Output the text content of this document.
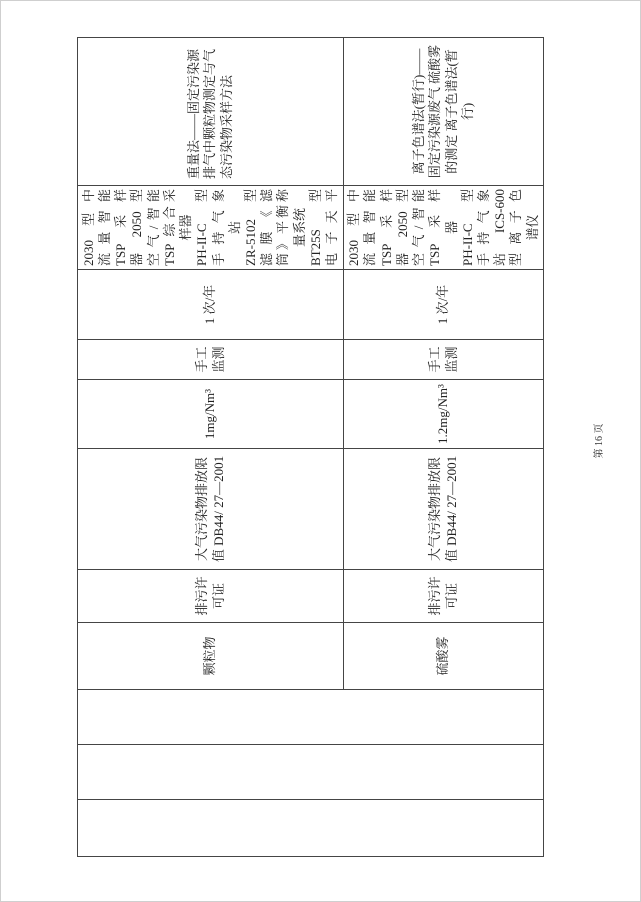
颗粒物
排污许 可证
大气污染物排放限 值 DB44/ 27—2001
1mg/Nm³
手工 监测
1 次/年
2030 型中 流量智能 TSP 采样 器 2050 型 空气/智能 TSP 综合采 样器 PH-II-C 型 手持气象 站 ZR-5102 型 滤膜《滤 筒》平衡称 量系统 BT25S 型 电子天平
重量法——固定污染源 排气中颗粒物测定与气 态污染物采样方法
硫酸雾
排污许 可证
大气污染物排放限 值 DB44/ 27—2001
1.2mg/Nm³
手工 监测
1 次/年
2030 型中 流量智能 TSP 采样 器 2050 型 空气/智能 TSP 采样 器 PH-II-C 型 手持气象 站 ICS-600 型离子色 谱仪
离子色谱法(暂行)—— 固定污染源废气 硫酸雾 的测定 离子色谱法(暂 行)
第 16 页
